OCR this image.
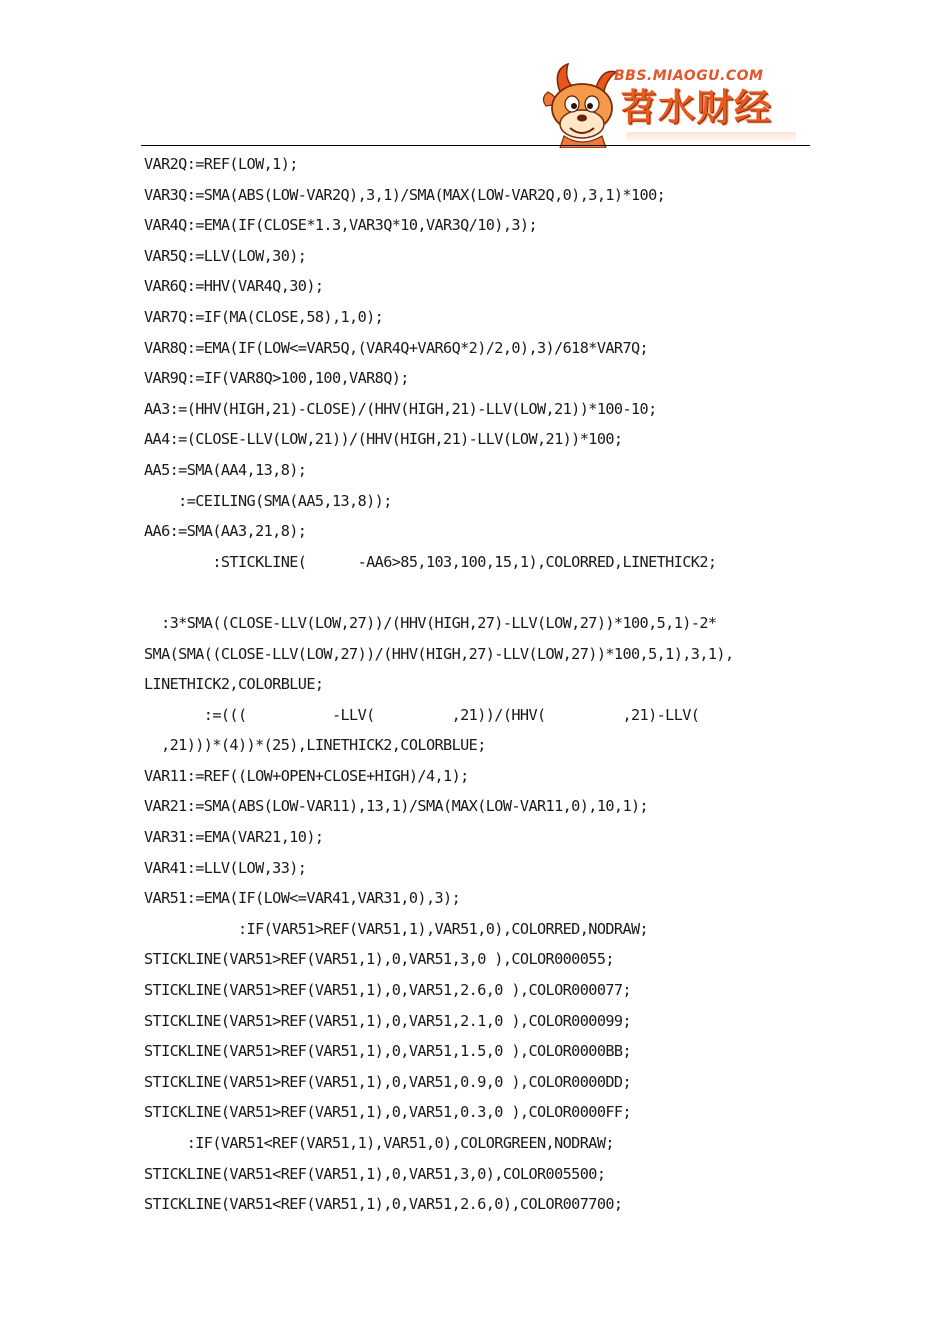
BBS.MIAOGU.COM
苕水财经
VAR2Q:=REF(LOW,1);
VAR3Q:=SMA(ABS(LOW-VAR2Q),3,1)/SMA(MAX(LOW-VAR2Q,0),3,1)*100;
VAR4Q:=EMA(IF(CLOSE*1.3,VAR3Q*10,VAR3Q/10),3);
VAR5Q:=LLV(LOW,30);
VAR6Q:=HHV(VAR4Q,30);
VAR7Q:=IF(MA(CLOSE,58),1,0);
VAR8Q:=EMA(IF(LOW<=VAR5Q,(VAR4Q+VAR6Q*2)/2,0),3)/618*VAR7Q;
VAR9Q:=IF(VAR8Q>100,100,VAR8Q);
AA3:=(HHV(HIGH,21)-CLOSE)/(HHV(HIGH,21)-LLV(LOW,21))*100-10;
AA4:=(CLOSE-LLV(LOW,21))/(HHV(HIGH,21)-LLV(LOW,21))*100;
AA5:=SMA(AA4,13,8);
:=CEILING(SMA(AA5,13,8));
AA6:=SMA(AA3,21,8);
:STICKLINE(      -AA6>85,103,100,15,1),COLORRED,LINETHICK2;
:3*SMA((CLOSE-LLV(LOW,27))/(HHV(HIGH,27)-LLV(LOW,27))*100,5,1)-2*
SMA(SMA((CLOSE-LLV(LOW,27))/(HHV(HIGH,27)-LLV(LOW,27))*100,5,1),3,1),
LINETHICK2,COLORBLUE;
:=(((          -LLV(         ,21))/(HHV(         ,21)-LLV(
,21)))*(4))*(25),LINETHICK2,COLORBLUE;
VAR11:=REF((LOW+OPEN+CLOSE+HIGH)/4,1);
VAR21:=SMA(ABS(LOW-VAR11),13,1)/SMA(MAX(LOW-VAR11,0),10,1);
VAR31:=EMA(VAR21,10);
VAR41:=LLV(LOW,33);
VAR51:=EMA(IF(LOW<=VAR41,VAR31,0),3);
:IF(VAR51>REF(VAR51,1),VAR51,0),COLORRED,NODRAW;
STICKLINE(VAR51>REF(VAR51,1),0,VAR51,3,0 ),COLOR000055;
STICKLINE(VAR51>REF(VAR51,1),0,VAR51,2.6,0 ),COLOR000077;
STICKLINE(VAR51>REF(VAR51,1),0,VAR51,2.1,0 ),COLOR000099;
STICKLINE(VAR51>REF(VAR51,1),0,VAR51,1.5,0 ),COLOR0000BB;
STICKLINE(VAR51>REF(VAR51,1),0,VAR51,0.9,0 ),COLOR0000DD;
STICKLINE(VAR51>REF(VAR51,1),0,VAR51,0.3,0 ),COLOR0000FF;
:IF(VAR51<REF(VAR51,1),VAR51,0),COLORGREEN,NODRAW;
STICKLINE(VAR51<REF(VAR51,1),0,VAR51,3,0),COLOR005500;
STICKLINE(VAR51<REF(VAR51,1),0,VAR51,2.6,0),COLOR007700;
